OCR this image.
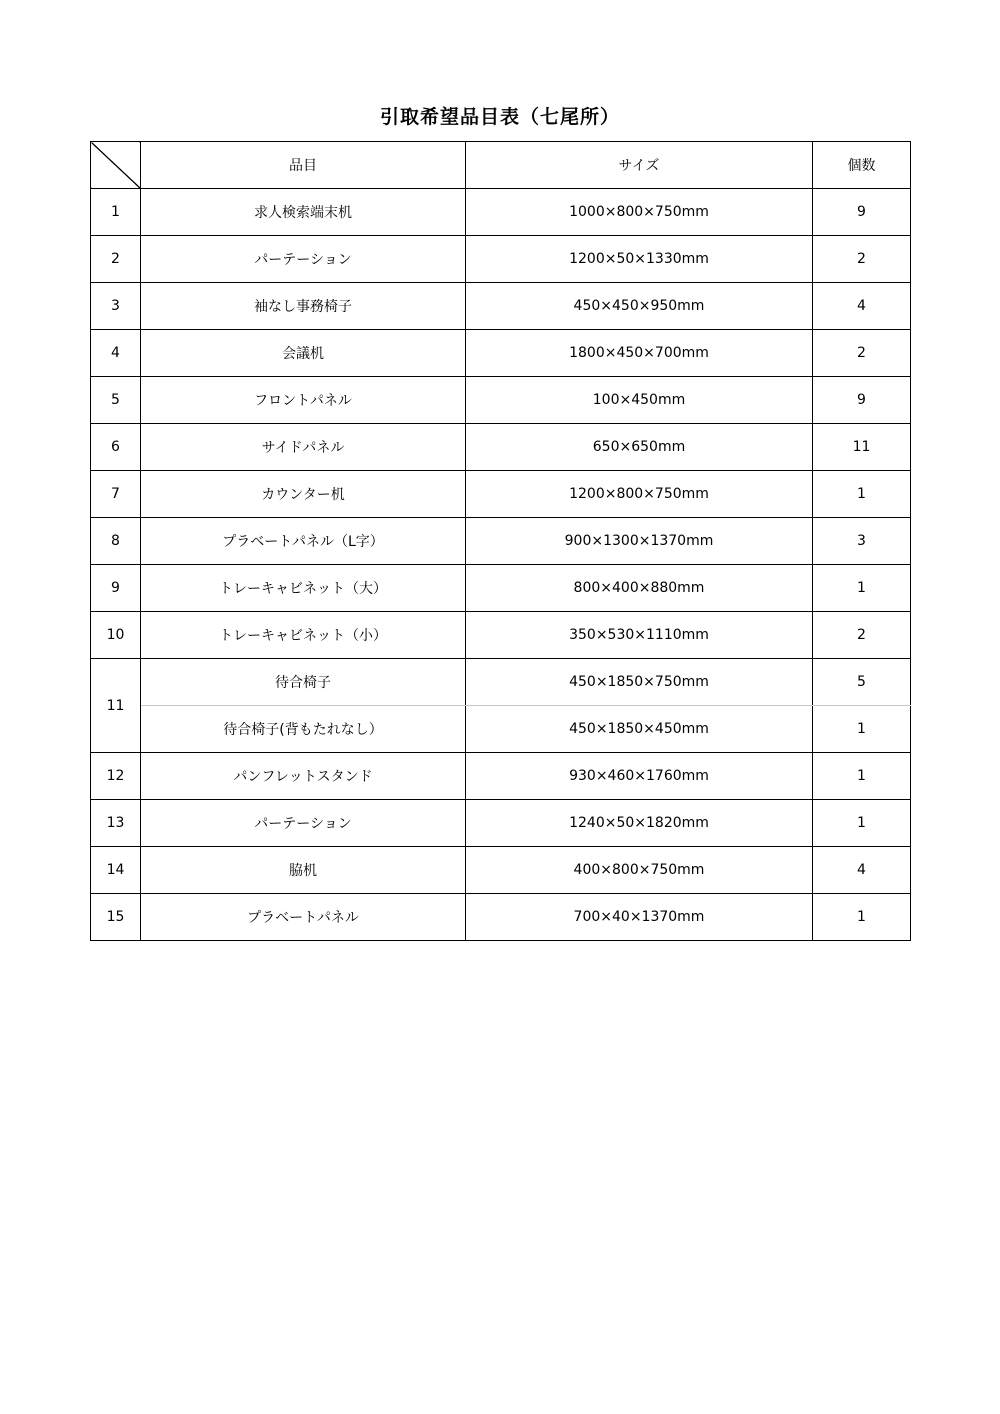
引取希望品目表（七尾所）
	品目	サイズ	個数
1	求人検索端末机	1000×800×750mm	9
2	パーテーション	1200×50×1330mm	2
3	袖なし事務椅子	450×450×950mm	4
4	会議机	1800×450×700mm	2
5	フロントパネル	100×450mm	9
6	サイドパネル	650×650mm	11
7	カウンター机	1200×800×750mm	1
8	プラベートパネル（L字）	900×1300×1370mm	3
9	トレーキャビネット（大）	800×400×880mm	1
10	トレーキャビネット（小）	350×530×1110mm	2
11	待合椅子	450×1850×750mm	5
	待合椅子(背もたれなし）	450×1850×450mm	1
12	パンフレットスタンド	930×460×1760mm	1
13	パーテーション	1240×50×1820mm	1
14	脇机	400×800×750mm	4
15	プラベートパネル	700×40×1370mm	1
